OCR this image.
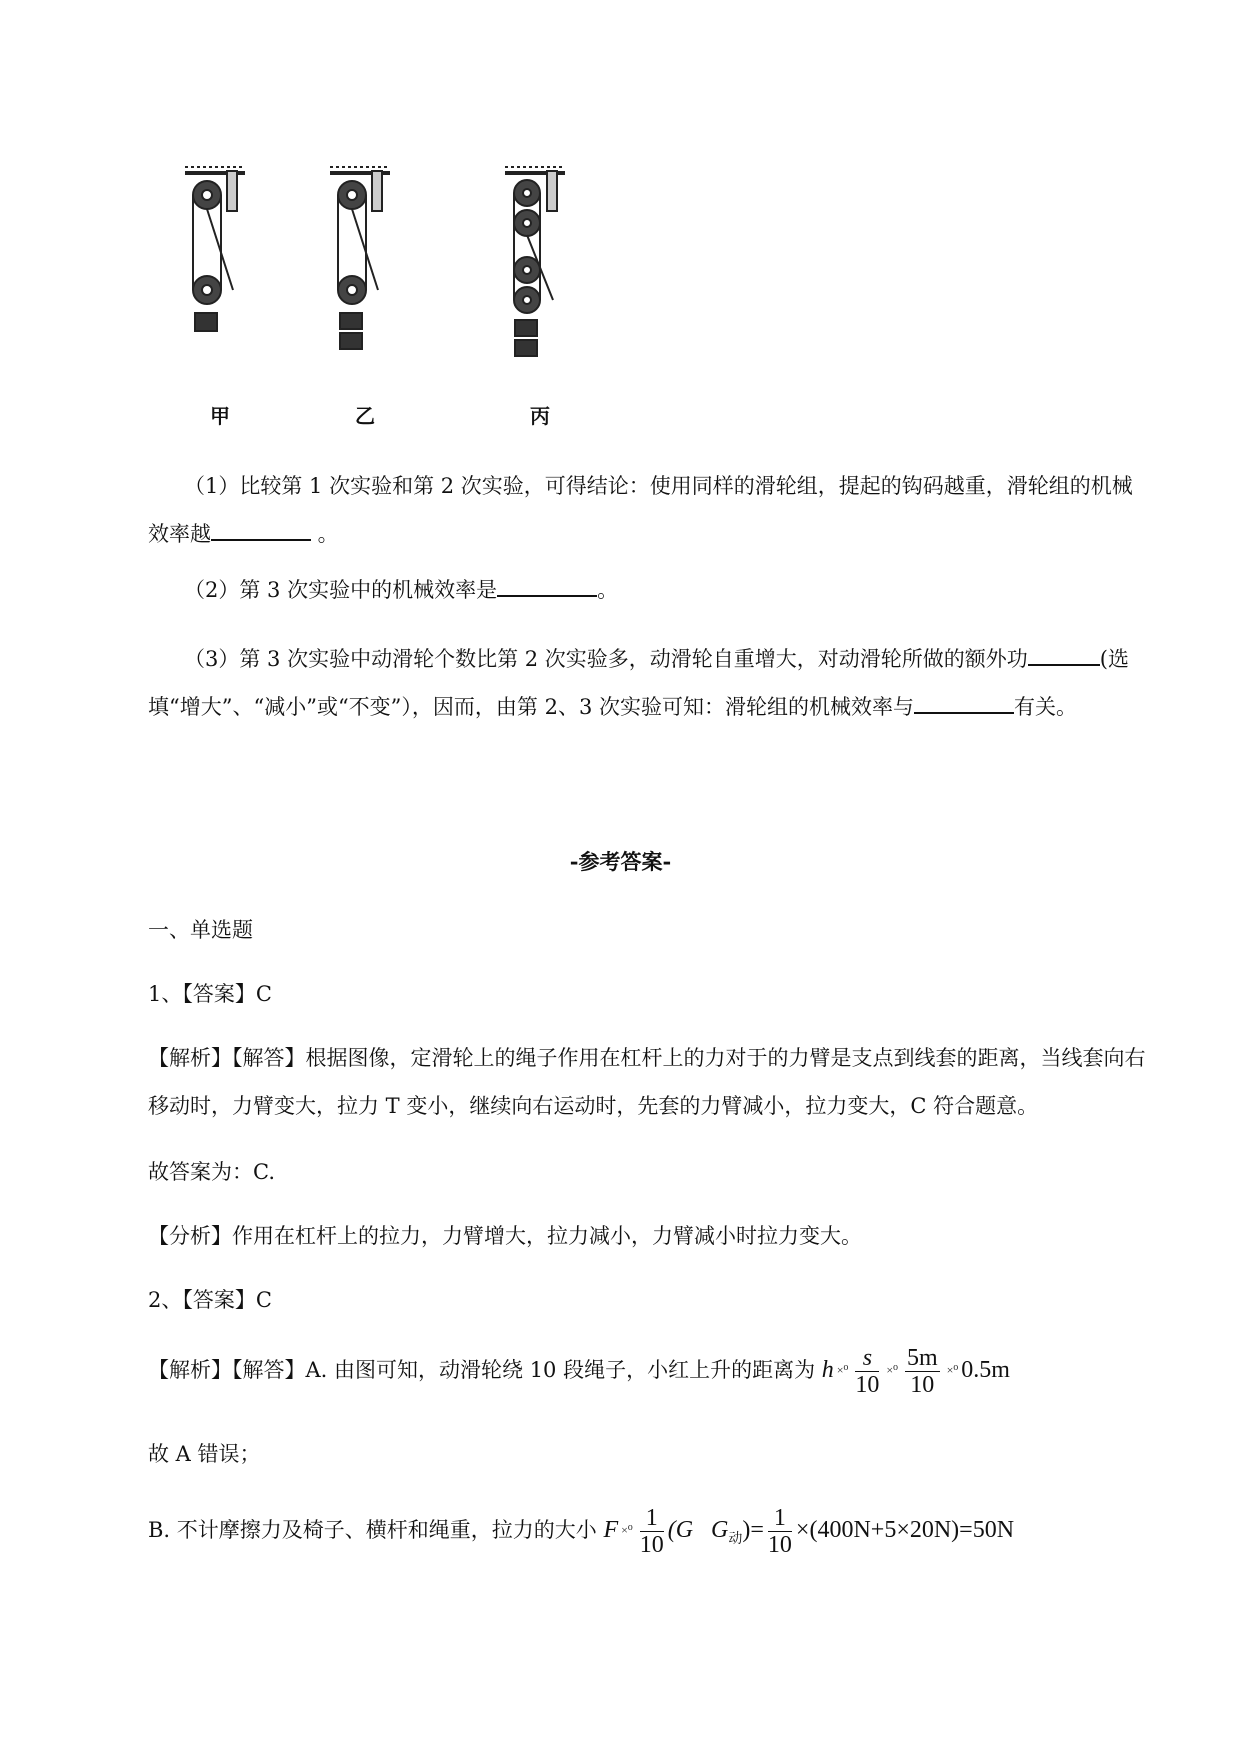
甲	乙	丙

（1）比较第 1 次实验和第 2 次实验，可得结论：使用同样的滑轮组，提起的钩码越重，滑轮组的机械效率越	。

（2）第 3 次实验中的机械效率是	。

（3）第 3 次实验中动滑轮个数比第 2 次实验多，动滑轮自重增大，对动滑轮所做的额外功	(选填“增大”、“减小”或“不变”），因而，由第 2、3 次实验可知：滑轮组的机械效率与	有关。

-参考答案-

一、单选题

1、【答案】C

【解析】【解答】根据图像，定滑轮上的绳子作用在杠杆上的力对于的力臂是支点到线套的距离，当线套向右移动时，力臂变大，拉力 T 变小，继续向右运动时，先套的力臂减小，拉力变大，C 符合题意。

故答案为：C.

【分析】作用在杠杆上的拉力，力臂增大，拉力减小，力臂减小时拉力变大。

2、【答案】C

【解析】【解答】A. 由图可知，动滑轮绕 10 段绳子，小红上升的距离为 h $^{\times^0} \frac{s}{10} ^{\times^0} \frac{5m}{10} ^{\times^0}$ 0.5m

故 A 错误；

B. 不计摩擦力及椅子、横杆和绳重，拉力的大小 F $^{\times^0} \frac{1}{10} (G$ $G_动)= \frac{1}{10} \times(400N+5\times 20N)=50N$
